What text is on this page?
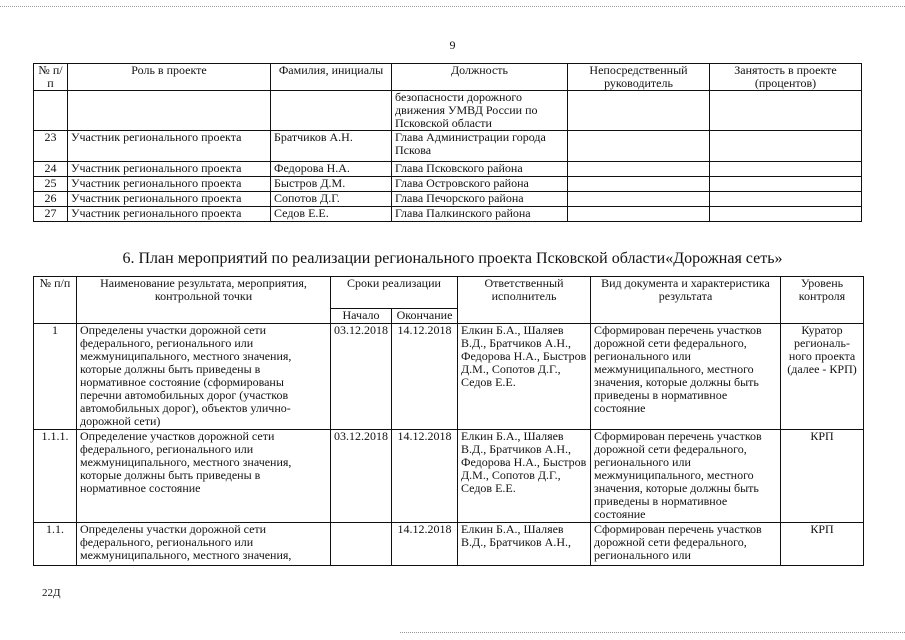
9
№ п/п	Роль в проекте	Фамилия, инициалы	Должность	Непосредственный руководитель	Занятость в проекте (процентов)
			безопасности дорожного движения УМВД России по Псковской области		
23	Участник регионального проекта	Братчиков А.Н.	Глава Администрации города Пскова		
24	Участник регионального проекта	Федорова Н.А.	Глава Псковского района		
25	Участник регионального проекта	Быстров Д.М.	Глава Островского района		
26	Участник регионального проекта	Сопотов Д.Г.	Глава Печорского района		
27	Участник регионального проекта	Седов Е.Е.	Глава Палкинского района		
6. План мероприятий по реализации регионального проекта Псковской области«Дорожная сеть»
№ п/п	Наименование результата, мероприятия, контрольной точки	Сроки реализации		Ответственный исполнитель	Вид документа и характеристика результата	Уровень контроля
		Начало	Окончание			
1	Определены участки дорожной сети федерального, регионального или межмуниципального, местного значения, которые должны быть приведены в нормативное состояние (сформированы перечни автомобильных дорог (участков автомобильных дорог), объектов улично-дорожной сети)	03.12.2018	14.12.2018	Елкин Б.А., Шаляев В.Д., Братчиков А.Н., Федорова Н.А., Быстров Д.М., Сопотов Д.Г., Седов Е.Е.	Сформирован перечень участков дорожной сети федерального, регионального или межмуниципального, местного значения, которые должны быть приведены в нормативное состояние	Куратор региональ-ного проекта (далее - КРП)
1.1.1.	Определение участков дорожной сети федерального, регионального или межмуниципального, местного значения, которые должны быть приведены в нормативное состояние	03.12.2018	14.12.2018	Елкин Б.А., Шаляев В.Д., Братчиков А.Н., Федорова Н.А., Быстров Д.М., Сопотов Д.Г., Седов Е.Е.	Сформирован перечень участков дорожной сети федерального, регионального или межмуниципального, местного значения, которые должны быть приведены в нормативное состояние	КРП
1.1.	Определены участки дорожной сети федерального, регионального или межмуниципального, местного значения,		14.12.2018	Елкин Б.А., Шаляев В.Д., Братчиков А.Н.,	Сформирован перечень участков дорожной сети федерального, регионального или	КРП
22Д
